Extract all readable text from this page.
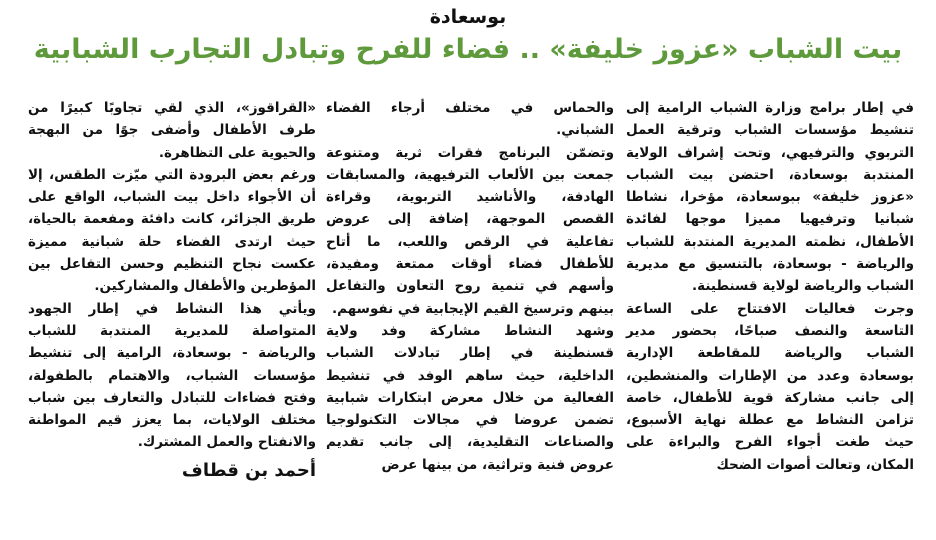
بوسعادة
بيت الشباب «عزوز خليفة» .. فضاء للفرح وتبادل التجارب الشبابية
في إطار برامج وزارة الشباب الرامية إلى
تنشيط مؤسسات الشباب وترقية العمل
التربوي والترفيهي، وتحت إشراف الولاية
المنتدبة بوسعادة، احتضن بيت الشباب
«عزوز خليفة» ببوسعادة، مؤخرا، نشاطا
شبانيا وترفيهيا مميزا موجها لفائدة
الأطفال، نظمته المديرية المنتدبة للشباب
والرياضة - بوسعادة، بالتنسيق مع مديرية
الشباب والرياضة لولاية قسنطينة.
وجرت فعاليات الافتتاح على الساعة
التاسعة والنصف صباحًا، بحضور مدير
الشباب والرياضة للمقاطعة الإدارية
بوسعادة وعدد من الإطارات والمنشطين،
إلى جانب مشاركة قوية للأطفال، خاصة
تزامن النشاط مع عطلة نهاية الأسبوع،
حيث طغت أجواء الفرح والبراءة على
المكان، وتعالت أصوات الضحك
والحماس في مختلف أرجاء الفضاء
الشباني.
وتضمّن البرنامج فقرات ثرية ومتنوعة
جمعت بين الألعاب الترفيهية، والمسابقات
الهادفة، والأناشيد التربوية، وقراءة
القصص الموجهة، إضافة إلى عروض
تفاعلية في الرقص واللعب، ما أتاح
للأطفال فضاء أوقات ممتعة ومفيدة،
وأسهم في تنمية روح التعاون والتفاعل
بينهم وترسيخ القيم الإيجابية في نفوسهم.
وشهد النشاط مشاركة وفد ولاية
قسنطينة في إطار تبادلات الشباب
الداخلية، حيث ساهم الوفد في تنشيط
الفعالية من خلال معرض ابتكارات شبابية
تضمن عروضا في مجالات التكنولوجيا
والصناعات التقليدية، إلى جانب تقديم
عروض فنية وتراثية، من بينها عرض
«القراقوز»، الذي لقي تجاوبًا كبيرًا من
طرف الأطفال وأضفى جوًا من البهجة
والحيوية على التظاهرة.
ورغم بعض البرودة التي ميّزت الطقس، إلا
أن الأجواء داخل بيت الشباب، الواقع على
طريق الجزائر، كانت دافئة ومفعمة بالحياة،
حيث ارتدى الفضاء حلة شبانية مميزة
عكست نجاح التنظيم وحسن التفاعل بين
المؤطرين والأطفال والمشاركين.
ويأتي هذا النشاط في إطار الجهود
المتواصلة للمديرية المنتدبة للشباب
والرياضة - بوسعادة، الرامية إلى تنشيط
مؤسسات الشباب، والاهتمام بالطفولة،
وفتح فضاءات للتبادل والتعارف بين شباب
مختلف الولايات، بما يعزز قيم المواطنة
والانفتاح والعمل المشترك.
أحمد بن قطاف
